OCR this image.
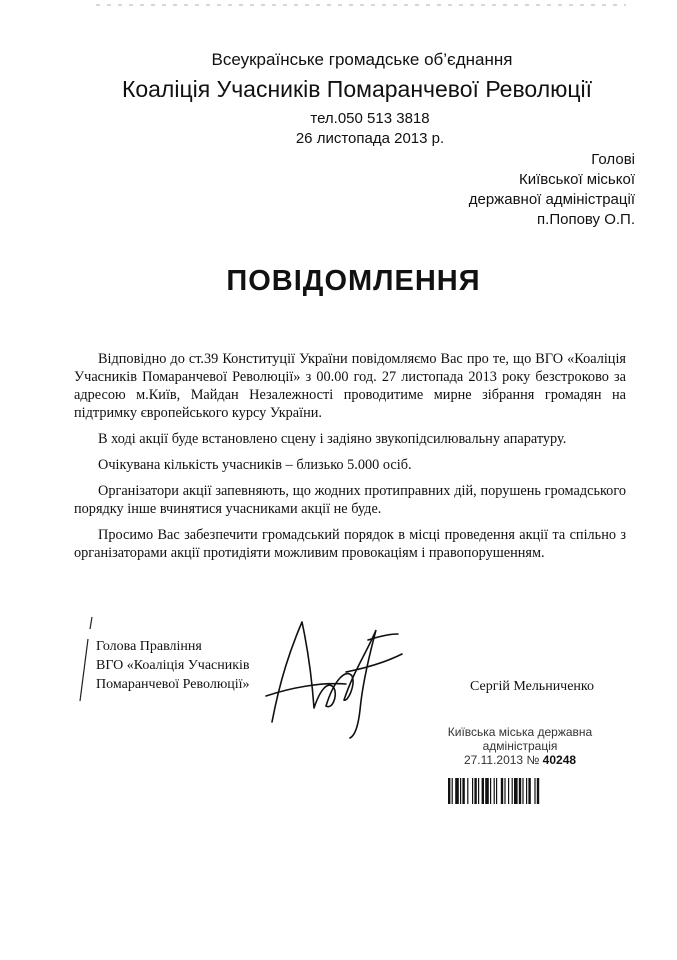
Всеукраїнське громадське об’єднання
Коаліція Учасників Помаранчевої Революції
тел.050 513 3818
26 листопада 2013 р.
Голові
Київської міської
державної адміністрації
п.Попову О.П.
ПОВІДОМЛЕННЯ

Відповідно до ст.39 Конституції України повідомляємо Вас про те, що ВГО «Коаліція Учасників Помаранчевої Революції» з 00.00 год. 27 листопада 2013 року безстроково за адресою м.Київ, Майдан Незалежності проводитиме мирне зібрання громадян на підтримку європейського курсу України.

В ході акції буде встановлено сцену і задіяно звукопідсилювальну апаратуру.

Очікувана кількість учасників – близько 5.000 осіб.

Організатори акції запевняють, що жодних протиправних дій, порушень громадського порядку інше вчинятися учасниками акції не буде.

Просимо Вас забезпечити громадський порядок в місці проведення акції та спільно з організаторами акції протидіяти можливим провокаціям і правопорушенням.

Голова Правління
ВГО «Коаліція Учасників
Помаранчевої Революції»	Сергій Мельниченко
Київська міська державна
адміністрація
27.11.2013 № 40248
